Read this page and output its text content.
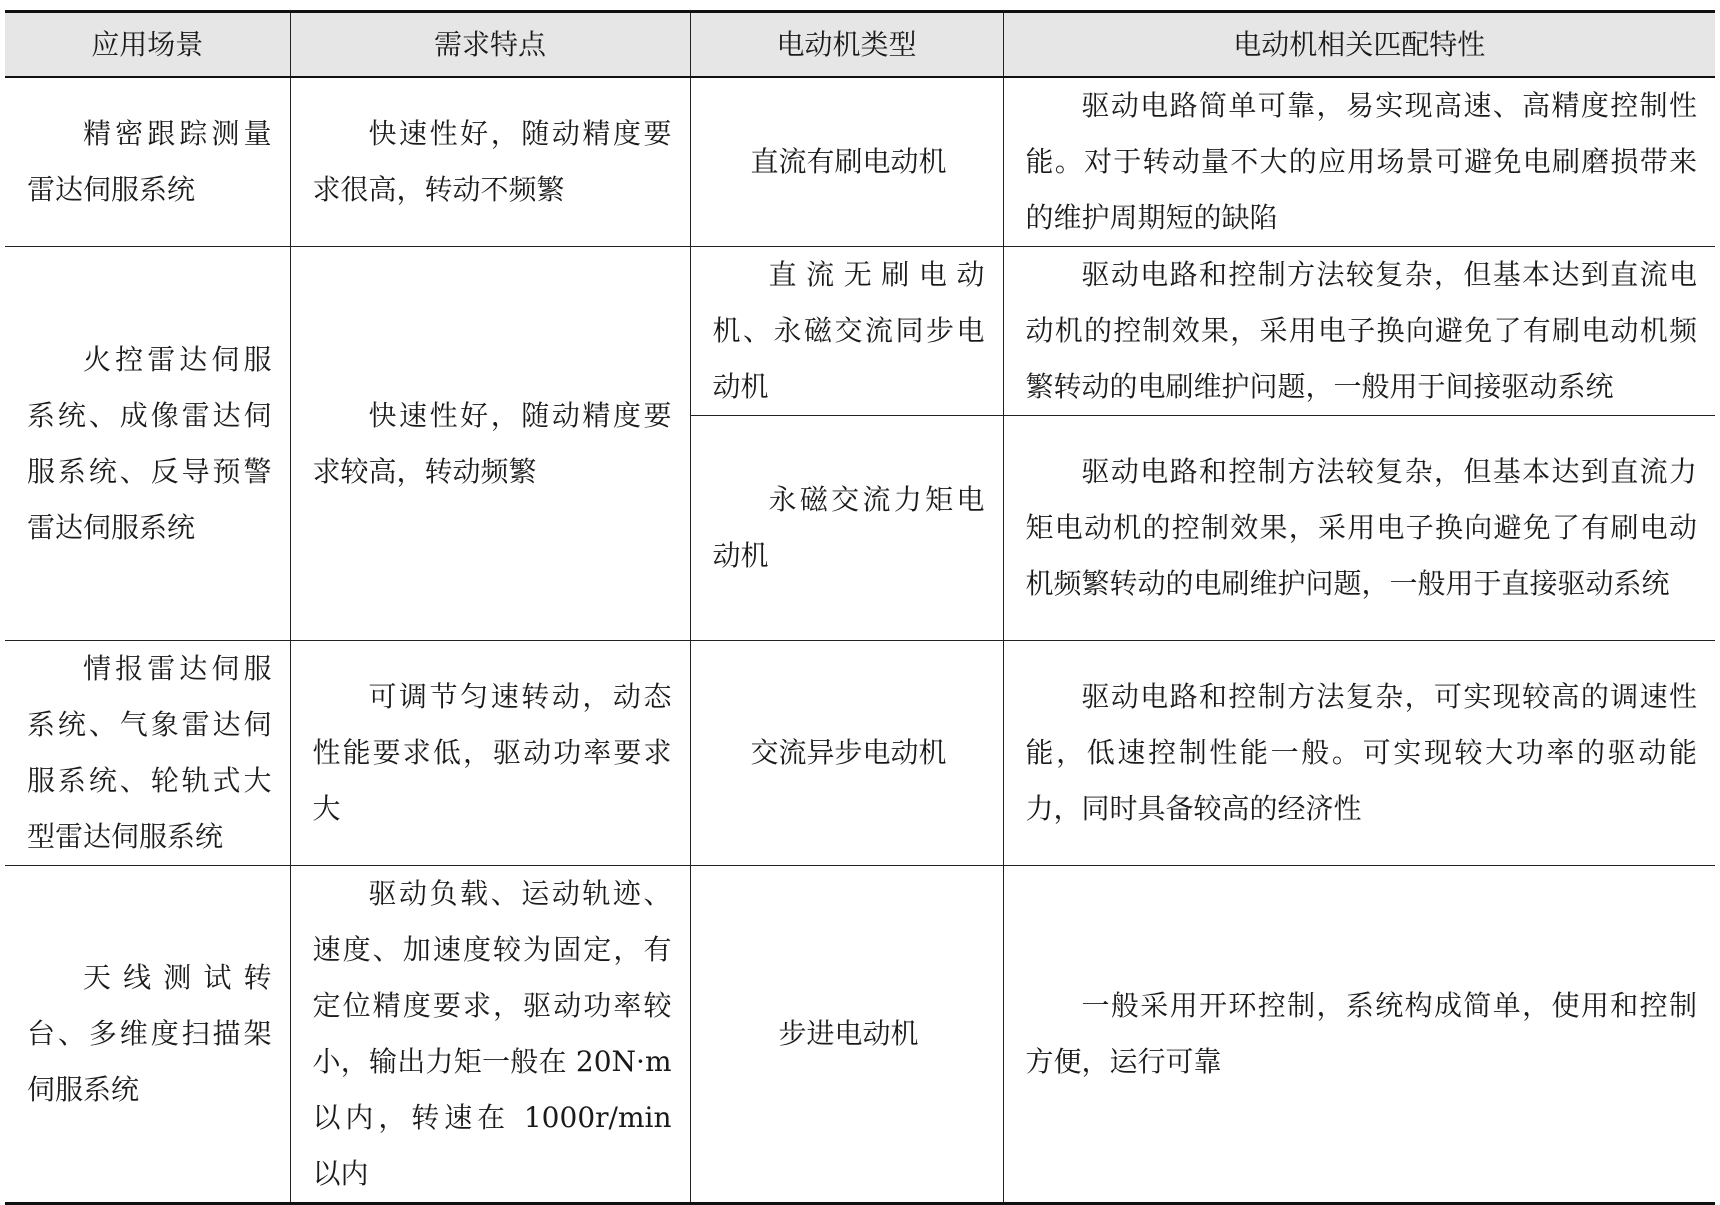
应用场景	需求特点	电动机类型	电动机相关匹配特性
精密跟踪测量雷达伺服系统	快速性好，随动精度要求很高，转动不频繁	直流有刷电动机	驱动电路简单可靠，易实现高速、高精度控制性能。对于转动量不大的应用场景可避免电刷磨损带来的维护周期短的缺陷
火控雷达伺服系统、成像雷达伺服系统、反导预警雷达伺服系统	快速性好，随动精度要求较高，转动频繁	直流无刷电动机、永磁交流同步电动机	驱动电路和控制方法较复杂，但基本达到直流电动机的控制效果，采用电子换向避免了有刷电动机频繁转动的电刷维护问题，一般用于间接驱动系统
		永磁交流力矩电动机	驱动电路和控制方法较复杂，但基本达到直流力矩电动机的控制效果，采用电子换向避免了有刷电动机频繁转动的电刷维护问题，一般用于直接驱动系统
情报雷达伺服系统、气象雷达伺服系统、轮轨式大型雷达伺服系统	可调节匀速转动，动态性能要求低，驱动功率要求大	交流异步电动机	驱动电路和控制方法复杂，可实现较高的调速性能，低速控制性能一般。可实现较大功率的驱动能力，同时具备较高的经济性
天线测试转台、多维度扫描架伺服系统	驱动负载、运动轨迹、速度、加速度较为固定，有定位精度要求，驱动功率较小，输出力矩一般在 20N·m 以内，转速在 1000r/min 以内	步进电动机	一般采用开环控制，系统构成简单，使用和控制方便，运行可靠
